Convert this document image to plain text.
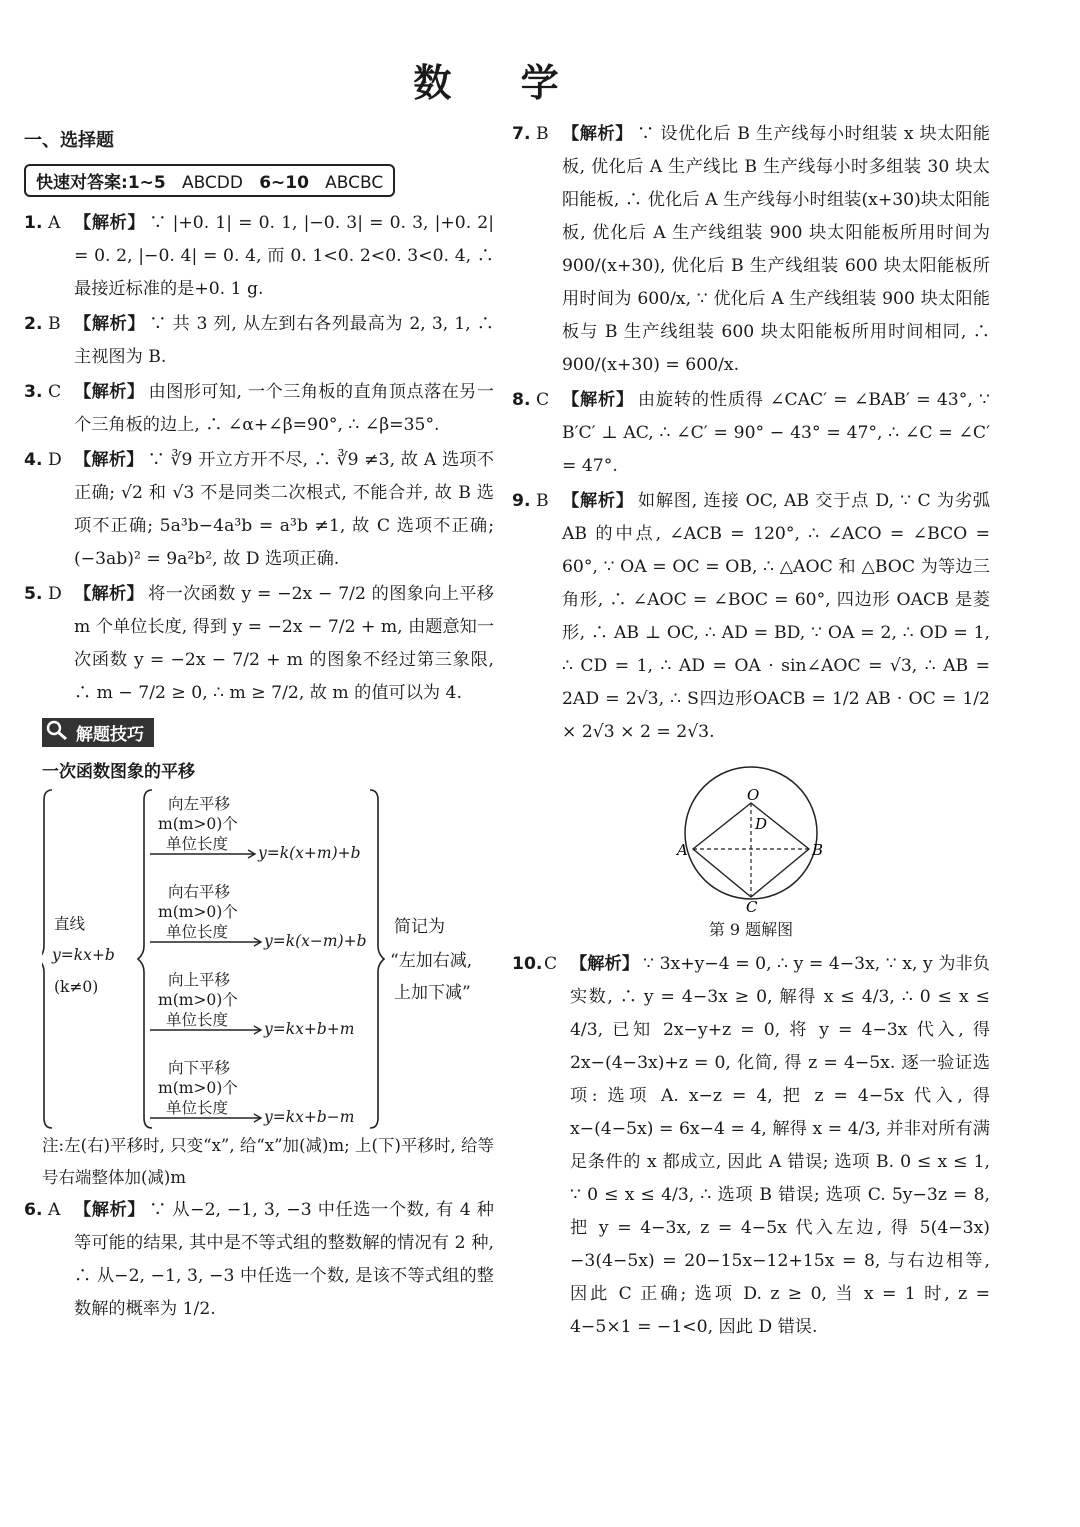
数 学
一、选择题
快速对答案:1~5 ABCDD 6~10 ABCBC
1. A 【解析】 ∵ |+0. 1| = 0. 1, |−0. 3| = 0. 3, |+0. 2| = 0. 2, |−0. 4| = 0. 4, 而 0. 1<0. 2<0. 3<0. 4, ∴ 最接近标准的是+0. 1 g.
2. B 【解析】 ∵ 共 3 列, 从左到右各列最高为 2, 3, 1, ∴ 主视图为 B.
3. C 【解析】 由图形可知, 一个三角板的直角顶点落在另一个三角板的边上, ∴ ∠α+∠β=90°, ∴ ∠β=35°.
4. D 【解析】 ∵ ∛9 开立方开不尽, ∴ ∛9 ≠3, 故 A 选项不正确; √2 和 √3 不是同类二次根式, 不能合并, 故 B 选项不正确; 5a³b−4a³b = a³b ≠1, 故 C 选项不正确; (−3ab)² = 9a²b², 故 D 选项正确.
5. D 【解析】 将一次函数 y = −2x − 7/2 的图象向上平移 m 个单位长度, 得到 y = −2x − 7/2 + m, 由题意知一次函数 y = −2x − 7/2 + m 的图象不经过第三象限, ∴ m − 7/2 ≥ 0, ∴ m ≥ 7/2, 故 m 的值可以为 4.
解题技巧
一次函数图象的平移
直线
y=kx+b
(k≠0)
向左平移
m(m>0)个
单位长度 y=k(x+m)+b
向右平移
m(m>0)个
单位长度 y=k(x−m)+b
向上平移
m(m>0)个
单位长度 y=kx+b+m
向下平移
m(m>0)个
单位长度 y=kx+b−m
简记为
“左加右减,
上加下减”
注:左(右)平移时, 只变“x”, 给“x”加(减)m; 上(下)平移时, 给等号右端整体加(减)m
6. A 【解析】 ∵ 从−2, −1, 3, −3 中任选一个数, 有 4 种等可能的结果, 其中是不等式组的整数解的情况有 2 种, ∴ 从−2, −1, 3, −3 中任选一个数, 是该不等式组的整数解的概率为 1/2.
7. B 【解析】 ∵ 设优化后 B 生产线每小时组装 x 块太阳能板, 优化后 A 生产线比 B 生产线每小时多组装 30 块太阳能板, ∴ 优化后 A 生产线每小时组装(x+30)块太阳能板, 优化后 A 生产线组装 900 块太阳能板所用时间为 900/(x+30), 优化后 B 生产线组装 600 块太阳能板所用时间为 600/x, ∵ 优化后 A 生产线组装 900 块太阳能板与 B 生产线组装 600 块太阳能板所用时间相同, ∴ 900/(x+30) = 600/x.
8. C 【解析】 由旋转的性质得 ∠CAC′ = ∠BAB′ = 43°, ∵ B′C′ ⊥ AC, ∴ ∠C′ = 90° − 43° = 47°, ∴ ∠C = ∠C′ = 47°.
9. B 【解析】 如解图, 连接 OC, AB 交于点 D, ∵ C 为劣弧 AB 的中点, ∠ACB = 120°, ∴ ∠ACO = ∠BCO = 60°, ∵ OA = OC = OB, ∴ △AOC 和 △BOC 为等边三角形, ∴ ∠AOC = ∠BOC = 60°, 四边形 OACB 是菱形, ∴ AB ⊥ OC, ∴ AD = BD, ∵ OA = 2, ∴ OD = 1, ∴ CD = 1, ∴ AD = OA · sin∠AOC = √3, ∴ AB = 2AD = 2√3, ∴ S四边形OACB = 1/2 AB · OC = 1/2 × 2√3 × 2 = 2√3.
O
D
A	B
C
第 9 题解图
10. C 【解析】 ∵ 3x+y−4 = 0, ∴ y = 4−3x, ∵ x, y 为非负实数, ∴ y = 4−3x ≥ 0, 解得 x ≤ 4/3, ∴ 0 ≤ x ≤ 4/3, 已知 2x−y+z = 0, 将 y = 4−3x 代入, 得 2x−(4−3x)+z = 0, 化简, 得 z = 4−5x. 逐一验证选项: 选项 A. x−z = 4, 把 z = 4−5x 代入, 得 x−(4−5x) = 6x−4 = 4, 解得 x = 4/3, 并非对所有满足条件的 x 都成立, 因此 A 错误; 选项 B. 0 ≤ x ≤ 1, ∵ 0 ≤ x ≤ 4/3, ∴ 选项 B 错误; 选项 C. 5y−3z = 8, 把 y = 4−3x, z = 4−5x 代入左边, 得 5(4−3x)−3(4−5x) = 20−15x−12+15x = 8, 与右边相等, 因此 C 正确; 选项 D. z ≥ 0, 当 x = 1 时, z = 4−5×1 = −1<0, 因此 D 错误.
